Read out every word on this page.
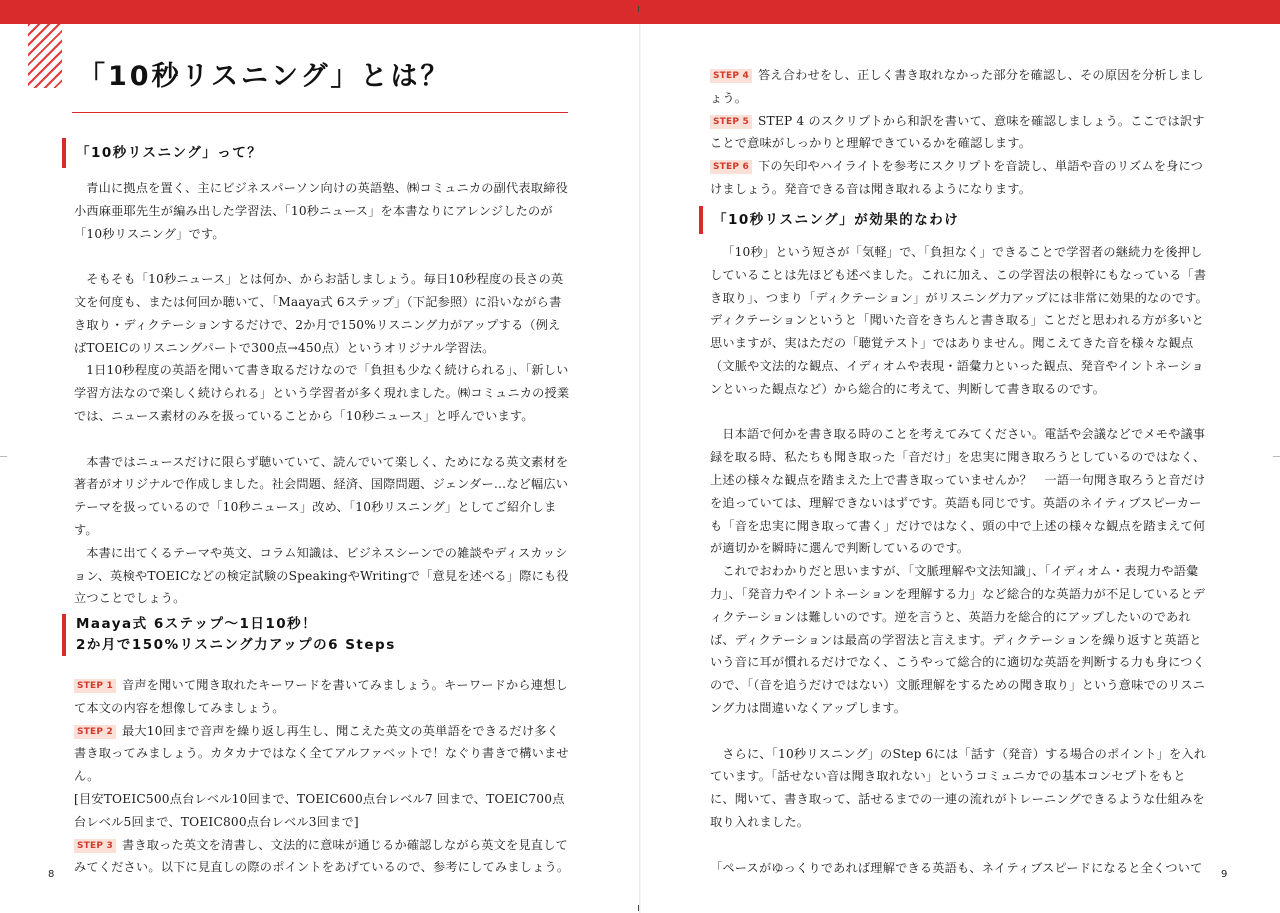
「10秒リスニング」とは？
「10秒リスニング」って？

青山に拠点を置く、主にビジネスパーソン向けの英語塾、㈱コミュニカの副代表取締役小西麻亜耶先生が編み出した学習法、「10秒ニュース」を本書なりにアレンジしたのが「10秒リスニング」です。

そもそも「10秒ニュース」とは何か、からお話しましょう。毎日10秒程度の長さの英文を何度も、または何回か聴いて、「Maaya式 6ステップ」（下記参照）に沿いながら書き取り・ディクテーションするだけで、2か月で150%リスニング力がアップする（例えばTOEICのリスニングパートで300点→450点）というオリジナル学習法。

1日10秒程度の英語を聞いて書き取るだけなので「負担も少なく続けられる」、「新しい学習方法なので楽しく続けられる」という学習者が多く現れました。㈱コミュニカの授業では、ニュース素材のみを扱っていることから「10秒ニュース」と呼んでいます。

本書ではニュースだけに限らず聴いていて、読んでいて楽しく、ためになる英文素材を著者がオリジナルで作成しました。社会問題、経済、国際問題、ジェンダー…など幅広いテーマを扱っているので「10秒ニュース」改め、「10秒リスニング」としてご紹介します。

本書に出てくるテーマや英文、コラム知識は、ビジネスシーンでの雑談やディスカッション、英検やTOEICなどの検定試験のSpeakingやWritingで「意見を述べる」際にも役立つことでしょう。

Maaya式 6ステップ～1日10秒！
2か月で150%リスニング力アップの6 Steps

STEP 1 音声を聞いて聞き取れたキーワードを書いてみましょう。キーワードから連想して本文の内容を想像してみましょう。

STEP 2 最大10回まで音声を繰り返し再生し、聞こえた英文の英単語をできるだけ多く書き取ってみましょう。カタカナではなく全てアルファベットで！なぐり書きで構いません。

[目安TOEIC500点台レベル10回まで、TOEIC600点台レベル7 回まで、TOEIC700点台レベル5回まで、TOEIC800点台レベル3回まで]

STEP 3 書き取った英文を清書し、文法的に意味が通じるか確認しながら英文を見直してみてください。以下に見直しの際のポイントをあげているので、参考にしてみましょう。

8

STEP 4 答え合わせをし、正しく書き取れなかった部分を確認し、その原因を分析しましょう。

STEP 5 STEP 4 のスクリプトから和訳を書いて、意味を確認しましょう。ここでは訳すことで意味がしっかりと理解できているかを確認します。

STEP 6 下の矢印やハイライトを参考にスクリプトを音読し、単語や音のリズムを身につけましょう。発音できる音は聞き取れるようになります。

「10秒リスニング」が効果的なわけ

「10秒」という短さが「気軽」で、「負担なく」できることで学習者の継続力を後押ししていることは先ほども述べました。これに加え、この学習法の根幹にもなっている「書き取り」、つまり「ディクテーション」がリスニング力アップには非常に効果的なのです。ディクテーションというと「聞いた音をきちんと書き取る」ことだと思われる方が多いと思いますが、実はただの「聴覚テスト」ではありません。聞こえてきた音を様々な観点（文脈や文法的な観点、イディオムや表現・語彙力といった観点、発音やイントネーションといった観点など）から総合的に考えて、判断して書き取るのです。

日本語で何かを書き取る時のことを考えてみてください。電話や会議などでメモや議事録を取る時、私たちも聞き取った「音だけ」を忠実に聞き取ろうとしているのではなく、上述の様々な観点を踏まえた上で書き取っていませんか？　一語一句聞き取ろうと音だけを追っていては、理解できないはずです。英語も同じです。英語のネイティブスピーカーも「音を忠実に聞き取って書く」だけではなく、頭の中で上述の様々な観点を踏まえて何が適切かを瞬時に選んで判断しているのです。

これでおわかりだと思いますが、「文脈理解や文法知識」、「イディオム・表現力や語彙力」、「発音力やイントネーションを理解する力」など総合的な英語力が不足しているとディクテーションは難しいのです。逆を言うと、英語力を総合的にアップしたいのであれば、ディクテーションは最高の学習法と言えます。ディクテーションを繰り返すと英語という音に耳が慣れるだけでなく、こうやって総合的に適切な英語を判断する力も身につくので、「（音を追うだけではない）文脈理解をするための聞き取り」という意味でのリスニング力は間違いなくアップします。

さらに、「10秒リスニング」のStep 6には「話す（発音）する場合のポイント」を入れています。「話せない音は聞き取れない」というコミュニカでの基本コンセプトをもとに、聞いて、書き取って、話せるまでの一連の流れがトレーニングできるような仕組みを取り入れました。

「ペースがゆっくりであれば理解できる英語も、ネイティブスピードになると全くついて	9
